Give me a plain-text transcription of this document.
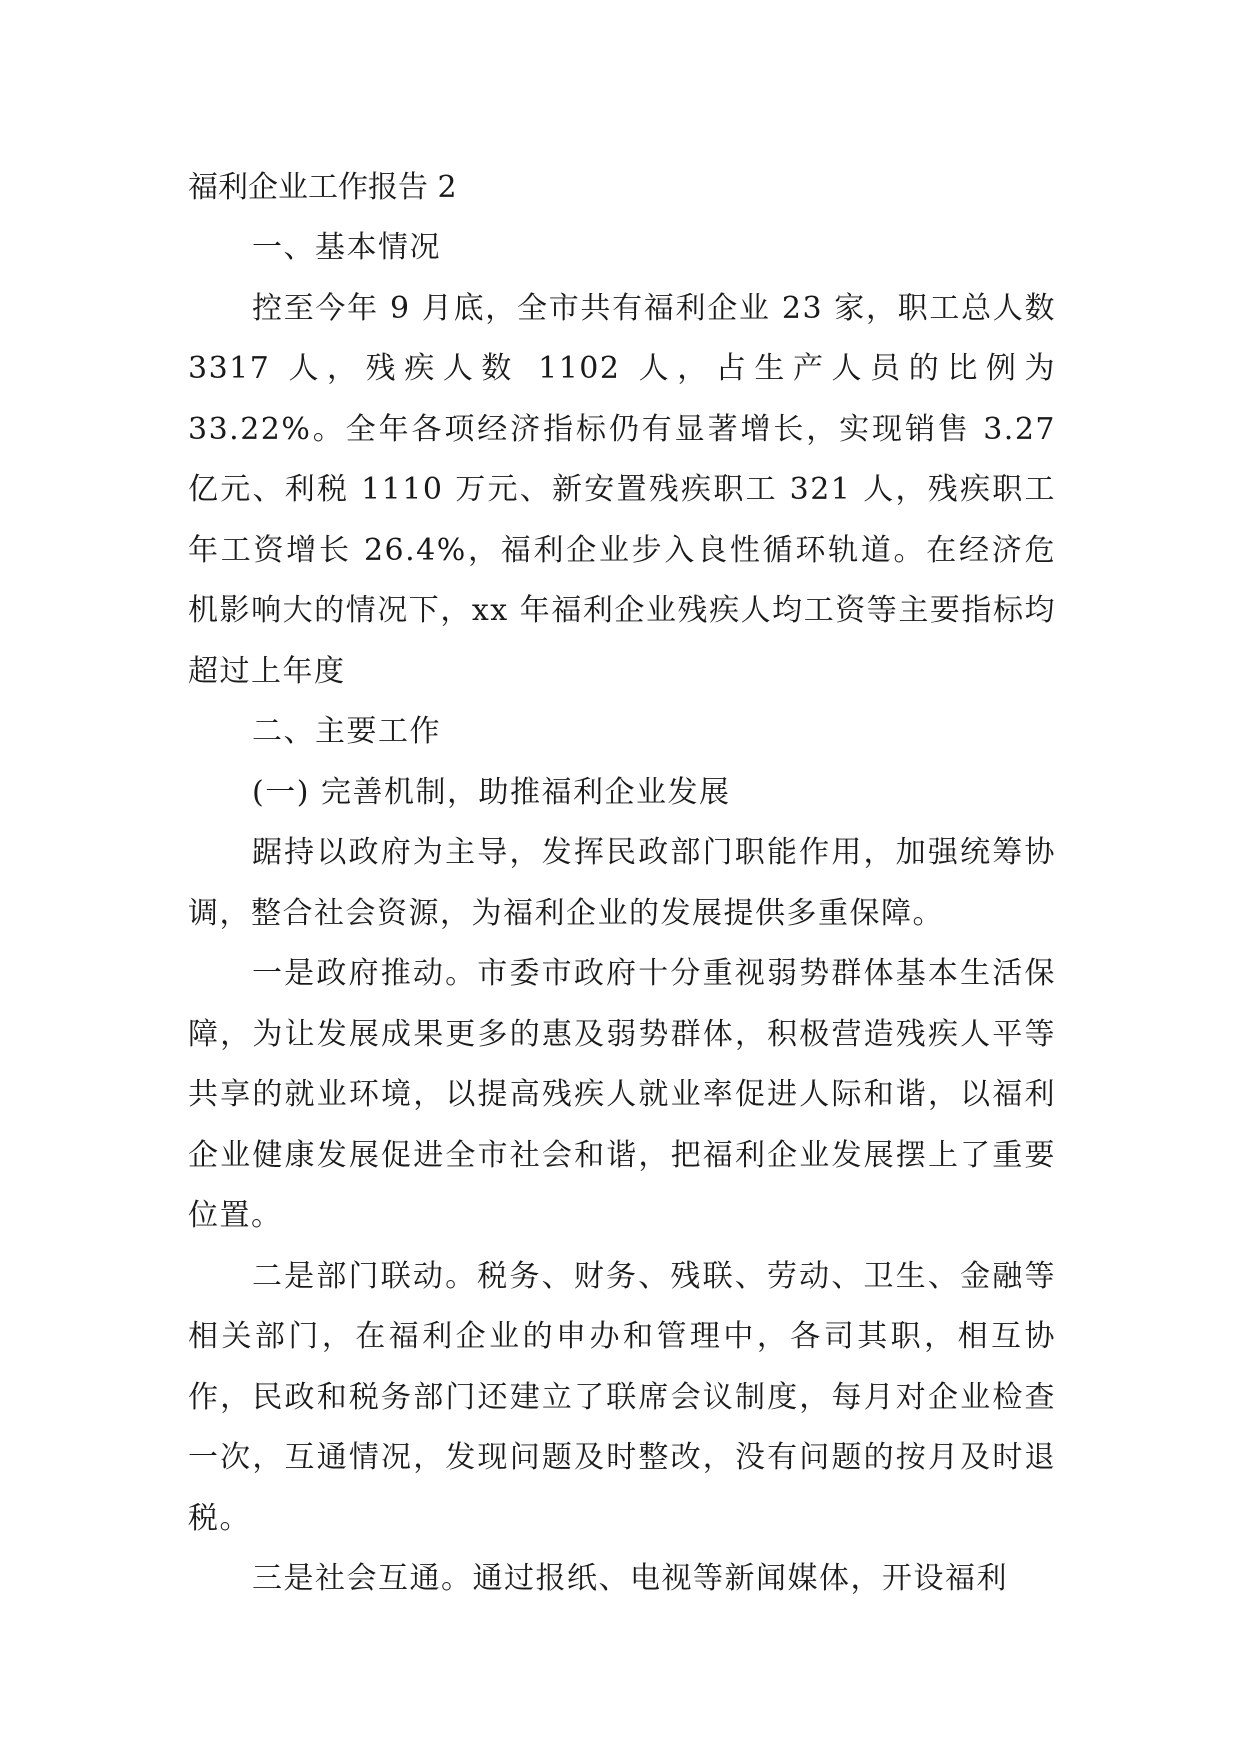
福利企业工作报告 2

一、基本情况

控至今年 9 月底，全市共有福利企业 23 家，职工总人数 3317 人，残疾人数 1102 人，占生产人员的比例为 33.22%。全年各项经济指标仍有显著增长，实现销售 3.27 亿元、利税 1110 万元、新安置残疾职工 321 人，残疾职工年工资增长 26.4%，福利企业步入良性循环轨道。在经济危机影响大的情况下，xx 年福利企业残疾人均工资等主要指标均超过上年度

二、主要工作

(一) 完善机制，助推福利企业发展

踞持以政府为主导，发挥民政部门职能作用，加强统筹协调，整合社会资源，为福利企业的发展提供多重保障。

一是政府推动。市委市政府十分重视弱势群体基本生活保障，为让发展成果更多的惠及弱势群体，积极营造残疾人平等共享的就业环境，以提高残疾人就业率促进人际和谐，以福利企业健康发展促进全市社会和谐，把福利企业发展摆上了重要位置。

二是部门联动。税务、财务、残联、劳动、卫生、金融等相关部门，在福利企业的申办和管理中，各司其职，相互协作，民政和税务部门还建立了联席会议制度，每月对企业检查一次，互通情况，发现问题及时整改，没有问题的按月及时退税。

三是社会互通。通过报纸、电视等新闻媒体，开设福利
